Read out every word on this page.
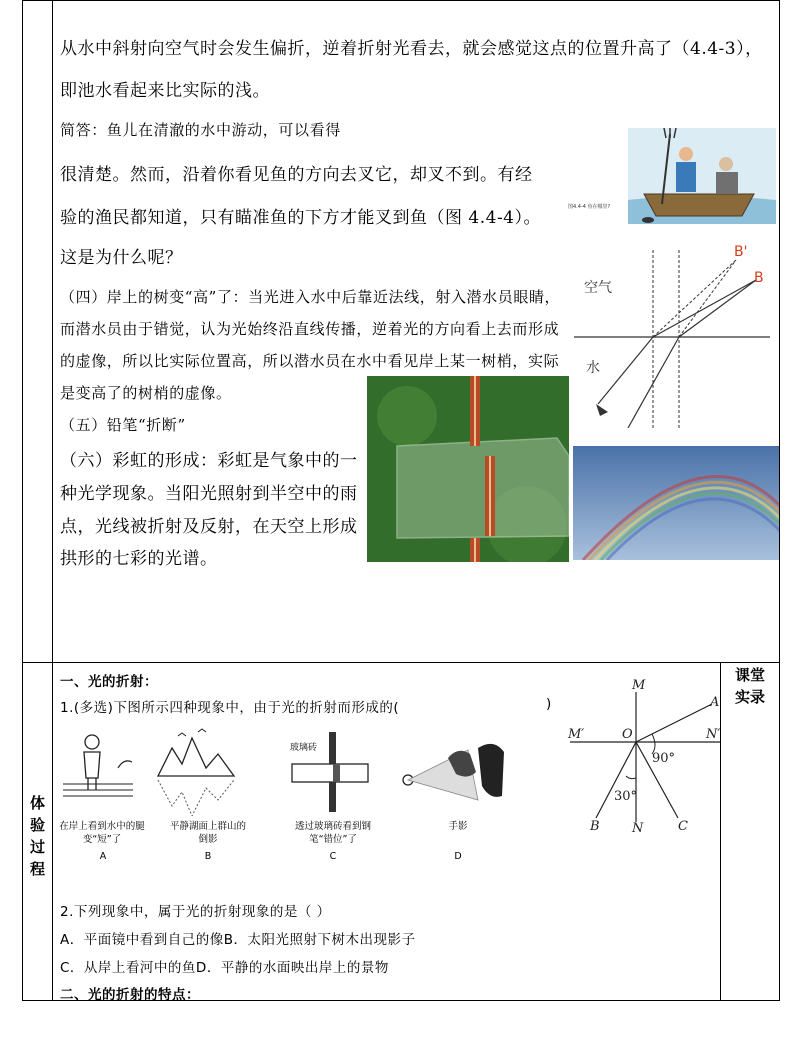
从水中斜射向空气时会发生偏折，逆着折射光看去，就会感觉这点的位置升高了（4.4-3），
即池水看起来比实际的浅。
简答：鱼儿在清澈的水中游动，可以看得
很清楚。然而，沿着你看见鱼的方向去叉它，却叉不到。有经
验的渔民都知道，只有瞄准鱼的下方才能叉到鱼（图 4.4-4）。
这是为什么呢？
（四）岸上的树变“高”了：当光进入水中后靠近法线，射入潜水员眼睛，
而潜水员由于错觉，认为光始终沿直线传播，逆着光的方向看上去而形成
的虚像，所以比实际位置高，所以潜水员在水中看见岸上某一树梢，实际
是变高了的树梢的虚像。
（五）铅笔“折断”
（六）彩虹的形成：彩虹是气象中的一
种光学现象。当阳光照射到半空中的雨
点，光线被折射及反射，在天空上形成
拱形的七彩的光谱。
图4.4-4 鱼在哪里?
空气
水
B
B'
体
验
过
程
课堂
实录
一、光的折射：
1.(多选)下图所示四种现象中，由于光的折射而形成的(	)
玻璃砖
在岸上看到水中的腿变“短”了
平静湖面上群山的倒影
透过玻璃砖看到钢笔“错位”了
手影
A	B	C	D
M
A
M′	O	N′
90°
30°
B N	C
2.下列现象中，属于光的折射现象的是（ ）
A．平面镜中看到自己的像B．太阳光照射下树木出现影子
C．从岸上看河中的鱼D．平静的水面映出岸上的景物
二、光的折射的特点：
